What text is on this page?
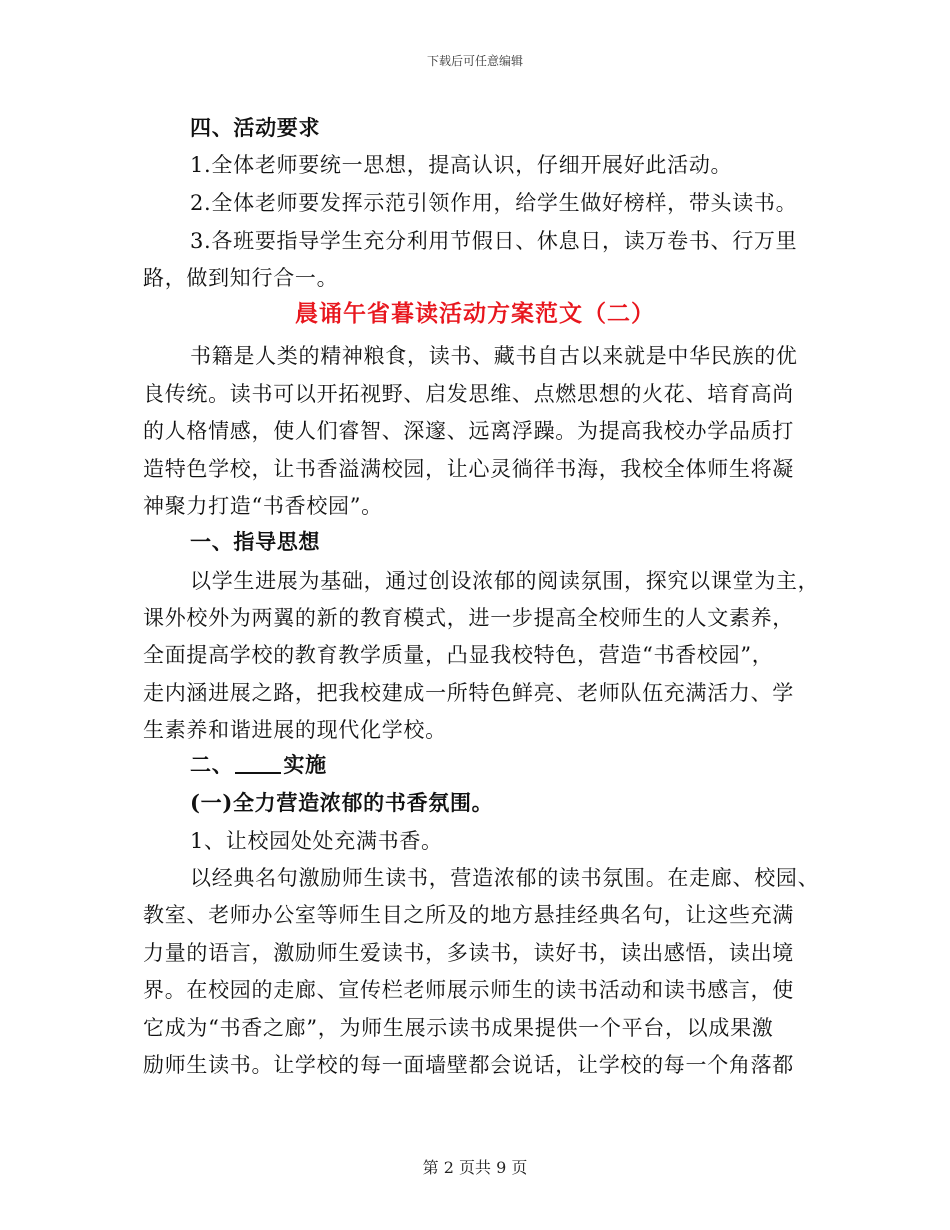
下载后可任意编辑
四、活动要求
1.全体老师要统一思想，提高认识，仔细开展好此活动。
2.全体老师要发挥示范引领作用，给学生做好榜样，带头读书。
3.各班要指导学生充分利用节假日、休息日，读万卷书、行万里
路，做到知行合一。
晨诵午省暮读活动方案范文（二）
书籍是人类的精神粮食，读书、藏书自古以来就是中华民族的优
良传统。读书可以开拓视野、启发思维、点燃思想的火花、培育高尚
的人格情感，使人们睿智、深邃、远离浮躁。为提高我校办学品质打
造特色学校，让书香溢满校园，让心灵徜徉书海，我校全体师生将凝
神聚力打造“书香校园”。
一、指导思想
以学生进展为基础，通过创设浓郁的阅读氛围，探究以课堂为主，
课外校外为两翼的新的教育模式，进一步提高全校师生的人文素养，
全面提高学校的教育教学质量，凸显我校特色，营造“书香校园”，
走内涵进展之路，把我校建成一所特色鲜亮、老师队伍充满活力、学
生素养和谐进展的现代化学校。
二、 实施
(一)全力营造浓郁的书香氛围。
1、让校园处处充满书香。
以经典名句激励师生读书，营造浓郁的读书氛围。在走廊、校园、
教室、老师办公室等师生目之所及的地方悬挂经典名句，让这些充满
力量的语言，激励师生爱读书，多读书，读好书，读出感悟，读出境
界。在校园的走廊、宣传栏老师展示师生的读书活动和读书感言，使
它成为“书香之廊”，为师生展示读书成果提供一个平台，以成果激
励师生读书。让学校的每一面墙壁都会说话，让学校的每一个角落都
第 2 页共 9 页
